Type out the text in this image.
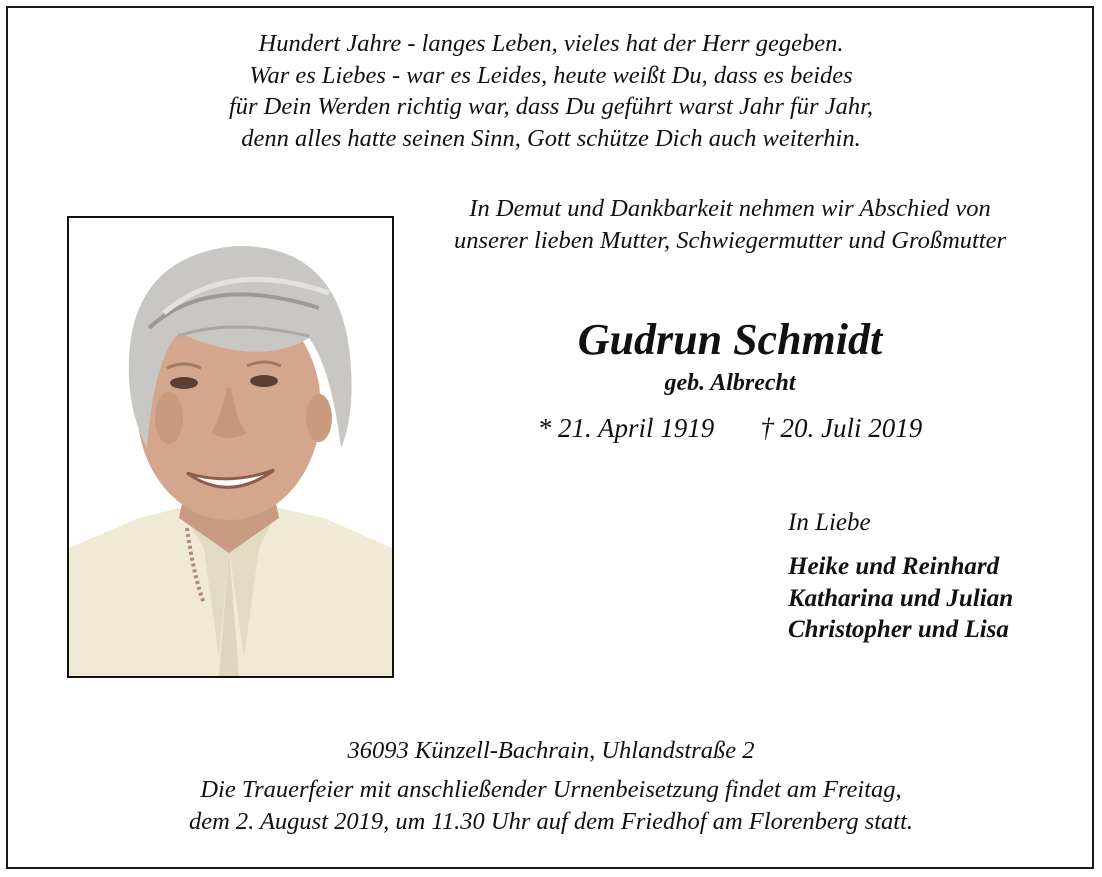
Hundert Jahre - langes Leben, vieles hat der Herr gegeben.
War es Liebes - war es Leides, heute weißt Du, dass es beides
für Dein Werden richtig war, dass Du geführt warst Jahr für Jahr,
denn alles hatte seinen Sinn, Gott schütze Dich auch weiterhin.
In Demut und Dankbarkeit nehmen wir Abschied von
unserer lieben Mutter, Schwiegermutter und Großmutter
Gudrun Schmidt
geb. Albrecht
* 21. April 1919 † 20. Juli 2019
In Liebe
Heike und Reinhard
Katharina und Julian
Christopher und Lisa
36093 Künzell-Bachrain, Uhlandstraße 2
Die Trauerfeier mit anschließender Urnenbeisetzung findet am Freitag,
dem 2. August 2019, um 11.30 Uhr auf dem Friedhof am Florenberg statt.
